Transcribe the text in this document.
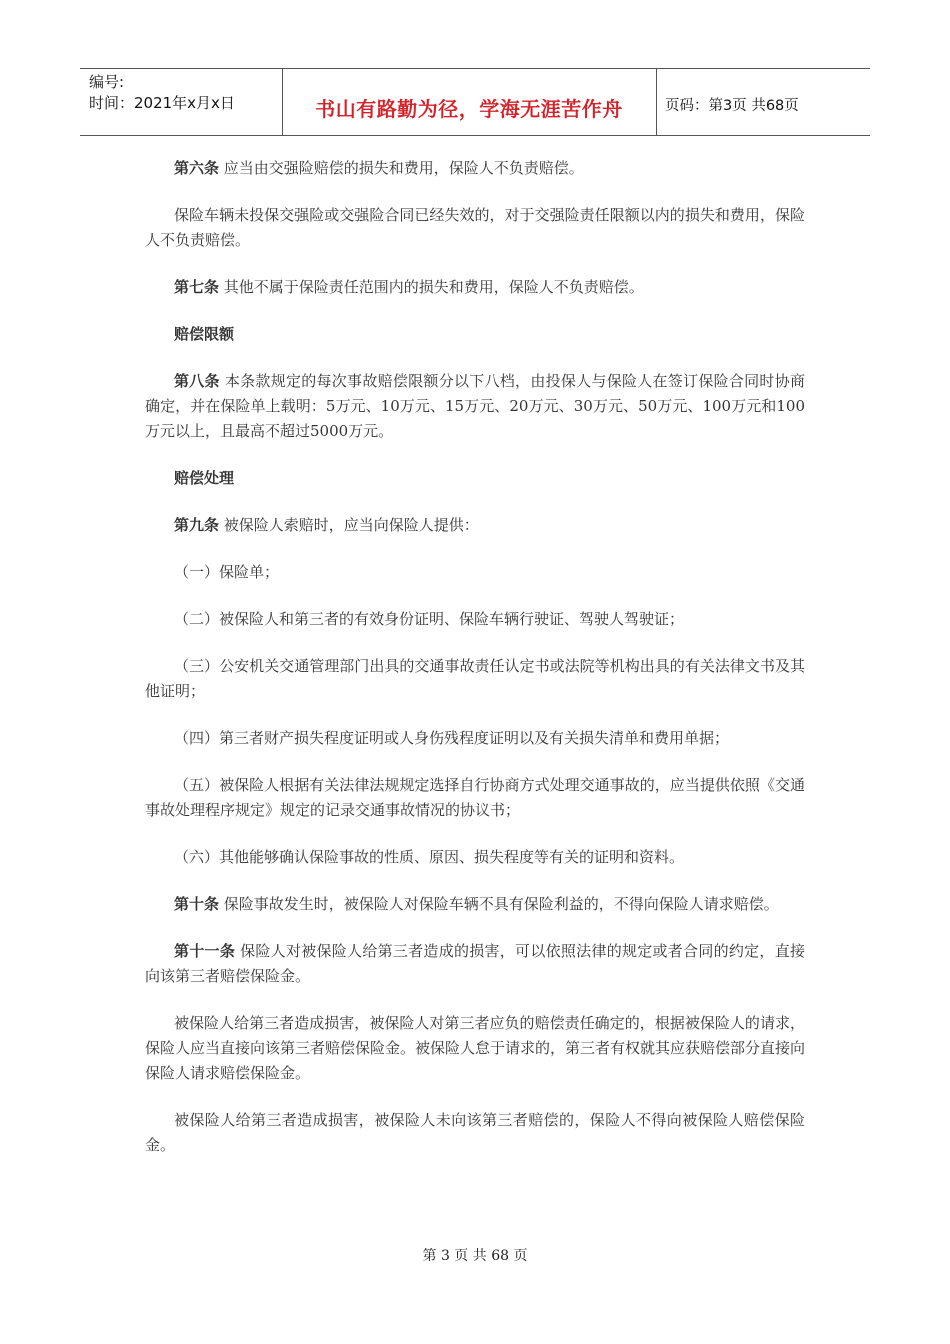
编号:
时间：2021年x月x日	书山有路勤为径，学海无涯苦作舟	页码：第3页 共68页

第六条 应当由交强险赔偿的损失和费用，保险人不负责赔偿。

保险车辆未投保交强险或交强险合同已经失效的，对于交强险责任限额以内的损失和费用，保险人不负责赔偿。

第七条 其他不属于保险责任范围内的损失和费用，保险人不负责赔偿。

赔偿限额

第八条 本条款规定的每次事故赔偿限额分以下八档，由投保人与保险人在签订保险合同时协商确定，并在保险单上载明：5万元、10万元、15万元、20万元、30万元、50万元、100万元和100万元以上，且最高不超过5000万元。

赔偿处理

第九条 被保险人索赔时，应当向保险人提供：

（一）保险单；

（二）被保险人和第三者的有效身份证明、保险车辆行驶证、驾驶人驾驶证；

（三）公安机关交通管理部门出具的交通事故责任认定书或法院等机构出具的有关法律文书及其他证明；

（四）第三者财产损失程度证明或人身伤残程度证明以及有关损失清单和费用单据；

（五）被保险人根据有关法律法规规定选择自行协商方式处理交通事故的，应当提供依照《交通事故处理程序规定》规定的记录交通事故情况的协议书；

（六）其他能够确认保险事故的性质、原因、损失程度等有关的证明和资料。

第十条 保险事故发生时，被保险人对保险车辆不具有保险利益的，不得向保险人请求赔偿。

第十一条 保险人对被保险人给第三者造成的损害，可以依照法律的规定或者合同的约定，直接向该第三者赔偿保险金。

被保险人给第三者造成损害，被保险人对第三者应负的赔偿责任确定的，根据被保险人的请求，保险人应当直接向该第三者赔偿保险金。被保险人怠于请求的，第三者有权就其应获赔偿部分直接向保险人请求赔偿保险金。

被保险人给第三者造成损害，被保险人未向该第三者赔偿的，保险人不得向被保险人赔偿保险金。

第 3 页 共 68 页
